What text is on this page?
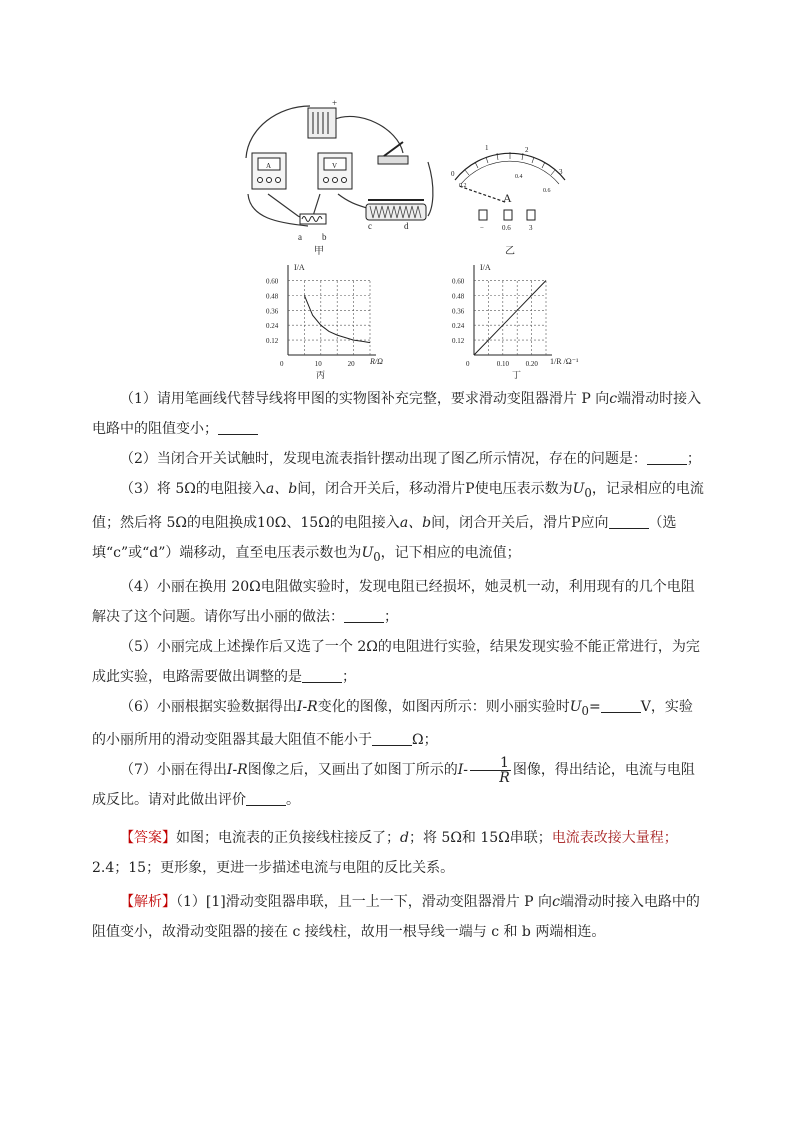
+
A	V
a b
c	d
甲
0
0.2
0.4
0.6
1	2
3
A
−	0.6	3
乙
I/A
R/Ω
丙
0.60
0.48
0.36
0.24
0.12
0	10	20
I/A
1/R /Ω⁻¹
丁
0.60
0.48
0.36
0.24
0.12
0	0.10 0.20

（1）请用笔画线代替导线将甲图的实物图补充完整，要求滑动变阻器滑片 P 向c端滑动时接入电路中的阻值变小；

（2）当闭合开关试触时，发现电流表指针摆动出现了图乙所示情况，存在的问题是：	；

（3）将 5Ω的电阻接入a、b间，闭合开关后，移动滑片P使电压表示数为$U_0$，记录相应的电流值；然后将 5Ω的电阻换成10Ω、15Ω的电阻接入a、b间，闭合开关后，滑片P应向	（选填“c”或“d”）端移动，直至电压表示数也为$U_0$，记下相应的电流值；

（4）小丽在换用 20Ω电阻做实验时，发现电阻已经损坏，她灵机一动，利用现有的几个电阻解决了这个问题。请你写出小丽的做法：	；

（5）小丽完成上述操作后又选了一个 2Ω的电阻进行实验，结果发现实验不能正常进行，为完成此实验，电路需要做出调整的是	；

（6）小丽根据实验数据得出I-R变化的图像，如图丙所示：则小丽实验时$U_0=$	V，实验的小丽所用的滑动变阻器其最大阻值不能小于	Ω；

（7）小丽在得出I-R图像之后，又画出了如图丁所示的$I- \frac{1}{R}$ 图像，得出结论，电流与电阻成反比。请对此做出评价	。

【答案】如图；电流表的正负接线柱接反了；d；将 5Ω和 15Ω串联；电流表改接大量程；2.4；15；更形象，更进一步描述电流与电阻的反比关系。

【解析】（1）[1]滑动变阻器串联，且一上一下，滑动变阻器滑片 P 向c端滑动时接入电路中的阻值变小，故滑动变阻器的接在 c 接线柱，故用一根导线一端与 c 和 b 两端相连。
